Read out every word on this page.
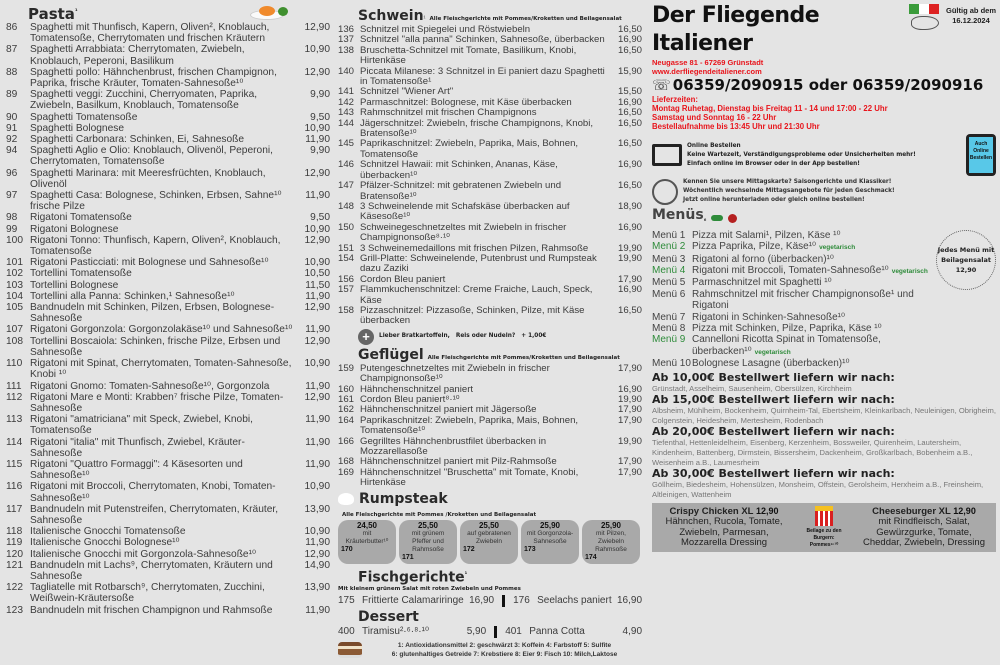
Pasta$^{^1}$
86	Spaghetti mit Thunfisch, Kapern, Oliven², Knoblauch, Tomatensoße, Cherrytomaten und frischen Kräutern
12,90
87	Spaghetti Arrabbiata: Cherrytomaten, Zwiebeln, Knoblauch, Peperoni, Basilikum
10,90
88	Spaghetti pollo: Hähnchenbrust, frischen Champignon, Paprika, frische Kräuter, Tomaten-Sahnesoße¹⁰
12,90
89	Spaghetti veggi: Zucchini, Cherryomaten, Paprika, Zwiebeln, Basilkum, Knoblauch, Tomatensoße
9,90
90	Spaghetti Tomatensoße	9,50
91	Spaghetti Bolognese	10,90
92	Spaghetti Carbonara: Schinken, Ei, Sahnesoße	11,90
94	Spaghetti Aglio e Olio: Knoblauch, Olivenöl, Peperoni, Cherrytomaten, Tomatensoße
9,90
96	Spaghetti Marinara: mit Meeresfrüchten, Knoblauch, Olivenöl
12,90
97	Spaghetti Casa: Bolognese, Schinken, Erbsen, Sahne¹⁰ frische Pilze
11,90
98	Rigatoni Tomatensoße	9,50
99	Rigatoni Bolognese	10,90
100 Rigatoni Tonno: Thunfisch, Kapern, Oliven², Knoblauch, Tomatensoße
12,90
101 Rigatoni Pasticciati: mit Bolognese und Sahnesoße¹⁰	10,90
102 Tortellini Tomatensoße	10,50
103 Tortellini Bolognese	11,50
104 Tortellini alla Panna: Schinken,¹ Sahnesoße¹⁰	11,90
105 Bandnudeln mit Schinken, Pilzen, Erbsen, Bolognese-Sahnesoße
12,90
107 Rigatoni Gorgonzola: Gorgonzolakäse¹⁰ und Sahnesoße¹⁰	11,90
108 Tortellini Boscaiola: Schinken, frische Pilze, Erbsen und Sahnesoße
12,90
110 Rigatoni mit Spinat, Cherrytomaten, Tomaten-Sahnesoße, Knobi ¹⁰
10,90
111 Rigatoni Gnomo: Tomaten-Sahnesoße¹⁰, Gorgonzola	11,90
112 Rigatoni Mare e Monti: Krabben⁷ frische Pilze, Tomaten-Sahnesoße
12,90
113 Rigatoni "amatriciana" mit Speck, Zwiebel, Knobi, Tomatensoße
11,90
114 Rigatoni "italia" mit Thunfisch, Zwiebel, Kräuter-Sahnesoße
11,90
115 Rigatoni "Quattro Formaggi": 4 Käsesorten und Sahnesoße¹⁰
11,90
116 Rigatoni mit Broccoli, Cherrytomaten, Knobi, Tomaten-Sahnesoße¹⁰
10,90
117 Bandnudeln mit Putenstreifen, Cherrytomaten, Kräuter, Sahnesoße
13,90
118 Italienische Gnocchi Tomatensoße	10,90
119 Italienische Gnocchi Bolognese¹⁰	11,90
120 Italienische Gnocchi mit Gorgonzola-Sahnesoße¹⁰	12,90
121 Bandnudeln mit Lachs⁹, Cherrytomaten, Kräutern und Sahnesoße
14,90
122 Tagliatelle mit Rotbarsch⁹, Cherrytomaten, Zucchini, Weißwein-Kräutersoße
13,90
123 Bandnudeln mit frischen Champignon und Rahmsoße	11,90
Schwein ¹ Alle Fleischgerichte mit Pommes/Kroketten und Beilagensalat
136 Schnitzel mit Spiegelei und Röstwiebeln	16,50
137 Schnitzel "alla panna" Schinken, Sahnesoße, überbacken	16,90
138 Bruschetta-Schnitzel mit Tomate, Basilikum, Knobi, Hirtenkäse
16,50
140 Piccata Milanese: 3 Schnitzel in Ei paniert dazu Spaghetti in Tomatensoße¹
15,90
141 Schnitzel "Wiener Art"	15,50
142 Parmaschnitzel: Bolognese, mit Käse überbacken	16,90
143 Rahmschnitzel mit frischen Champignons	16,50
144 Jägerschnitzel: Zwiebeln, frische Champignons, Knobi, Bratensoße¹⁰
16,50
145 Paprikaschnitzel: Zwiebeln, Paprika, Mais, Bohnen, Tomatensoße
16,50
146 Schnitzel Hawaii: mit Schinken, Ananas, Käse, überbacken¹⁰
16,90
147 Pfälzer-Schnitzel: mit gebratenen Zwiebeln und Bratensoße¹⁰
16,50
148 3 Schweinelende mit Schafskäse überbacken auf Käsesoße¹⁰
18,90
150 Schweinegeschnetzeltes mit Zwiebeln in frischer Champignonsoße⁸·¹⁰
16,90
151 3 Schweinemedaillons mit frischen Pilzen, Rahmsoße	19,90
154 Grill-Platte: Schweinelende, Putenbrust und Rumpsteak dazu Zaziki
19,90
156 Cordon Bleu paniert	17,90
157 Flammkuchenschnitzel: Creme Fraiche, Lauch, Speck, Käse
16,90
158 Pizzaschnitzel: Pizzasoße, Schinken, Pilze, mit Käse überbacken
16,50
+	Lieber Bratkartoffeln, Reis oder Nudeln? + 1,00€
Geflügel Alle Fleischgerichte mit Pommes/Kroketten und Beilagensalat
159 Putengeschnetzeltes mit Zwiebeln in frischer Champignonsoße¹⁰
17,90
160 Hähnchenschnitzel paniert	16,90
161 Cordon Bleu paniert⁸·¹⁰	19,90
162 Hähnchenschnitzel paniert mit Jägersoße	17,90
164 Paprikaschnitzel: Zwiebeln, Paprika, Mais, Bohnen, Tomatensoße¹⁰
17,90
166 Gegrilltes Hähnchenbrustfilet überbacken in Mozzarellasoße
19,90
168 Hähnchenschnitzel paniert mit Pilz-Rahmsoße	17,90
169 Hähnchenschnitzel "Bruschetta" mit Tomate, Knobi, Hirtenkäse
17,90
Rumpsteak
Alle Fleischgerichte mit Pommes /Kroketten und Beilagensalat
24,50
mit Kräuterbutter¹⁰
170
25,50
mit grünem Pfeffer und Rahmsoße
171
25,50
auf gebratenen Zwiebeln
172
25,90
mit Gorgonzola-Sahnesoße
173
25,90
mit Pilzen, Zwiebeln Rahmsoße
174
Fischgerichte$^{^1}$
Mit kleinem grünem Salat mit roten Zwiebeln und Pommes
175 Frittierte Calamariringe 16,90 176 Seelachs paniert 16,90
Dessert
400 Tiramisu²·⁶·⁸·¹⁰	5,90 401 Panna Cotta	4,90
1: Antioxidationsmittel 2: geschwärzt 3: Koffein 4: Farbstoff 5: Sulfite
6: glutenhaltiges Getreide 7: Krebstiere 8: Eier 9: Fisch 10: Milch,Laktose
Der Fliegende Italiener
Gültig ab dem
16.12.2024
Neugasse 81 - 67269 Grünstadt
www.derfliegendeitaliener.com
☏ 06359/2090915 oder 06359/2090916
Lieferzeiten:
Montag Ruhetag, Dienstag bis Freitag 11 - 14 und 17:00 - 22 Uhr
Samstag und Sonntag 16 - 22 Uhr
Bestellaufnahme bis 13:45 Uhr und 21:30 Uhr
Online Bestellen
Keine Wartezeit, Verständigungsprobleme oder Unsicherheiten mehr!
Einfach online im Browser oder in der App bestellen!
Auch Online Bestellen
Kennen Sie unsere Mittagskarte? Saisongerichte und Klassiker!
Wöchentlich wechselnde Mittagsangebote für jeden Geschmack!
Jetzt online herunterladen oder gleich online bestellen!
Menüs$_{^6}$
Menü 1 Pizza mit Salami¹, Pilzen, Käse ¹⁰
Menü 2 Pizza Paprika, Pilze, Käse¹⁰ vegetarisch
Menü 3 Rigatoni al forno (überbacken)¹⁰
Menü 4 Rigatoni mit Broccoli, Tomaten-Sahnesoße¹⁰ vegetarisch
Menü 5 Parmaschnitzel mit Spaghetti ¹⁰
Menü 6 Rahmschnitzel mit frischer Champignonsoße¹ und Rigatoni
Menü 7 Rigatoni in Schinken-Sahnesoße¹⁰
Menü 8 Pizza mit Schinken, Pilze, Paprika, Käse ¹⁰
Menü 9 Cannelloni Ricotta Spinat in Tomatensoße, überbacken¹⁰ vegetarisch
Menü 10 Bolognese Lasagne (überbacken)¹⁰
Jedes Menü mit
Beilagensalat
12,90
Ab 10,00€ Bestellwert liefern wir nach:
Grünstadt, Asselheim, Sausenheim, Obersülzen, Kirchheim
Ab 15,00€ Bestellwert liefern wir nach:
Albsheim, Mühlheim, Bockenheim, Quirnheim-Tal, Ebertsheim, Kleinkarlbach, Neuleinigen, Obrigheim, Colgenstein, Heidesheim, Mertesheim, Rodenbach
Ab 20,00€ Bestellwert liefern wir nach:
Tiefenthal, Hettenleidelheim, Eisenberg, Kerzenheim, Bossweiler, Quirenheim, Lautersheim, Kindenheim, Battenberg, Dirmstein, Bissersheim, Dackenheim, Großkarlbach, Bobenheim a.B., Weisenheim a.B., Laumesrheim
Ab 30,00€ Bestellwert liefern wir nach:
Göllheim, Biedesheim, Hohensülzen, Monsheim, Offstein, Gerolsheim, Herxheim a.B., Freinsheim, Altleinigen, Wattenheim
Crispy Chicken XL 12,90
Hähnchen, Rucola, Tomate, Zwiebeln, Parmesan, Mozzarella Dressing
Beilage zu den Burgern:
Pommes⁶·¹⁰
Cheeseburger XL 12,90
mit Rindfleisch, Salat, Gewürzgurke, Tomate, Cheddar, Zwiebeln, Dressing
